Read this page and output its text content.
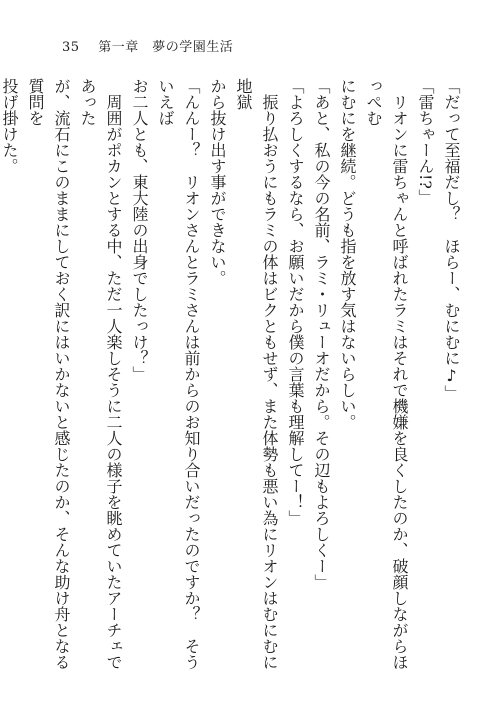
35 第一章　夢の学園生活

「だって至福だし？　ほらー、むにむに♪」

「雷ちゃーん!?」

　リオンに雷ちゃんと呼ばれたラミはそれで機嫌を良くしたのか、破顔しながらほっぺむ

にむにを継続。どうも指を放す気はないらしい。

「あと、私の今の名前、ラミ・リューオだから。その辺もよろしくー」

「よろしくするなら、お願いだから僕の言葉も理解してー！」

　振り払おうにもラミの体はビクともせず、また体勢も悪い為にリオンはむにむに地獄

から抜け出す事ができない。

「んんー？　リオンさんとラミさんは前からのお知り合いだったのですか？　そういえば

お二人とも、東大陸の出身でしたっけ？」

　周囲がポカンとする中、ただ一人楽しそうに二人の様子を眺めていたアーチェであった

が、流石にこのままにしておく訳にはいかないと感じたのか、そんな助け舟となる質問を

投げ掛けた。
